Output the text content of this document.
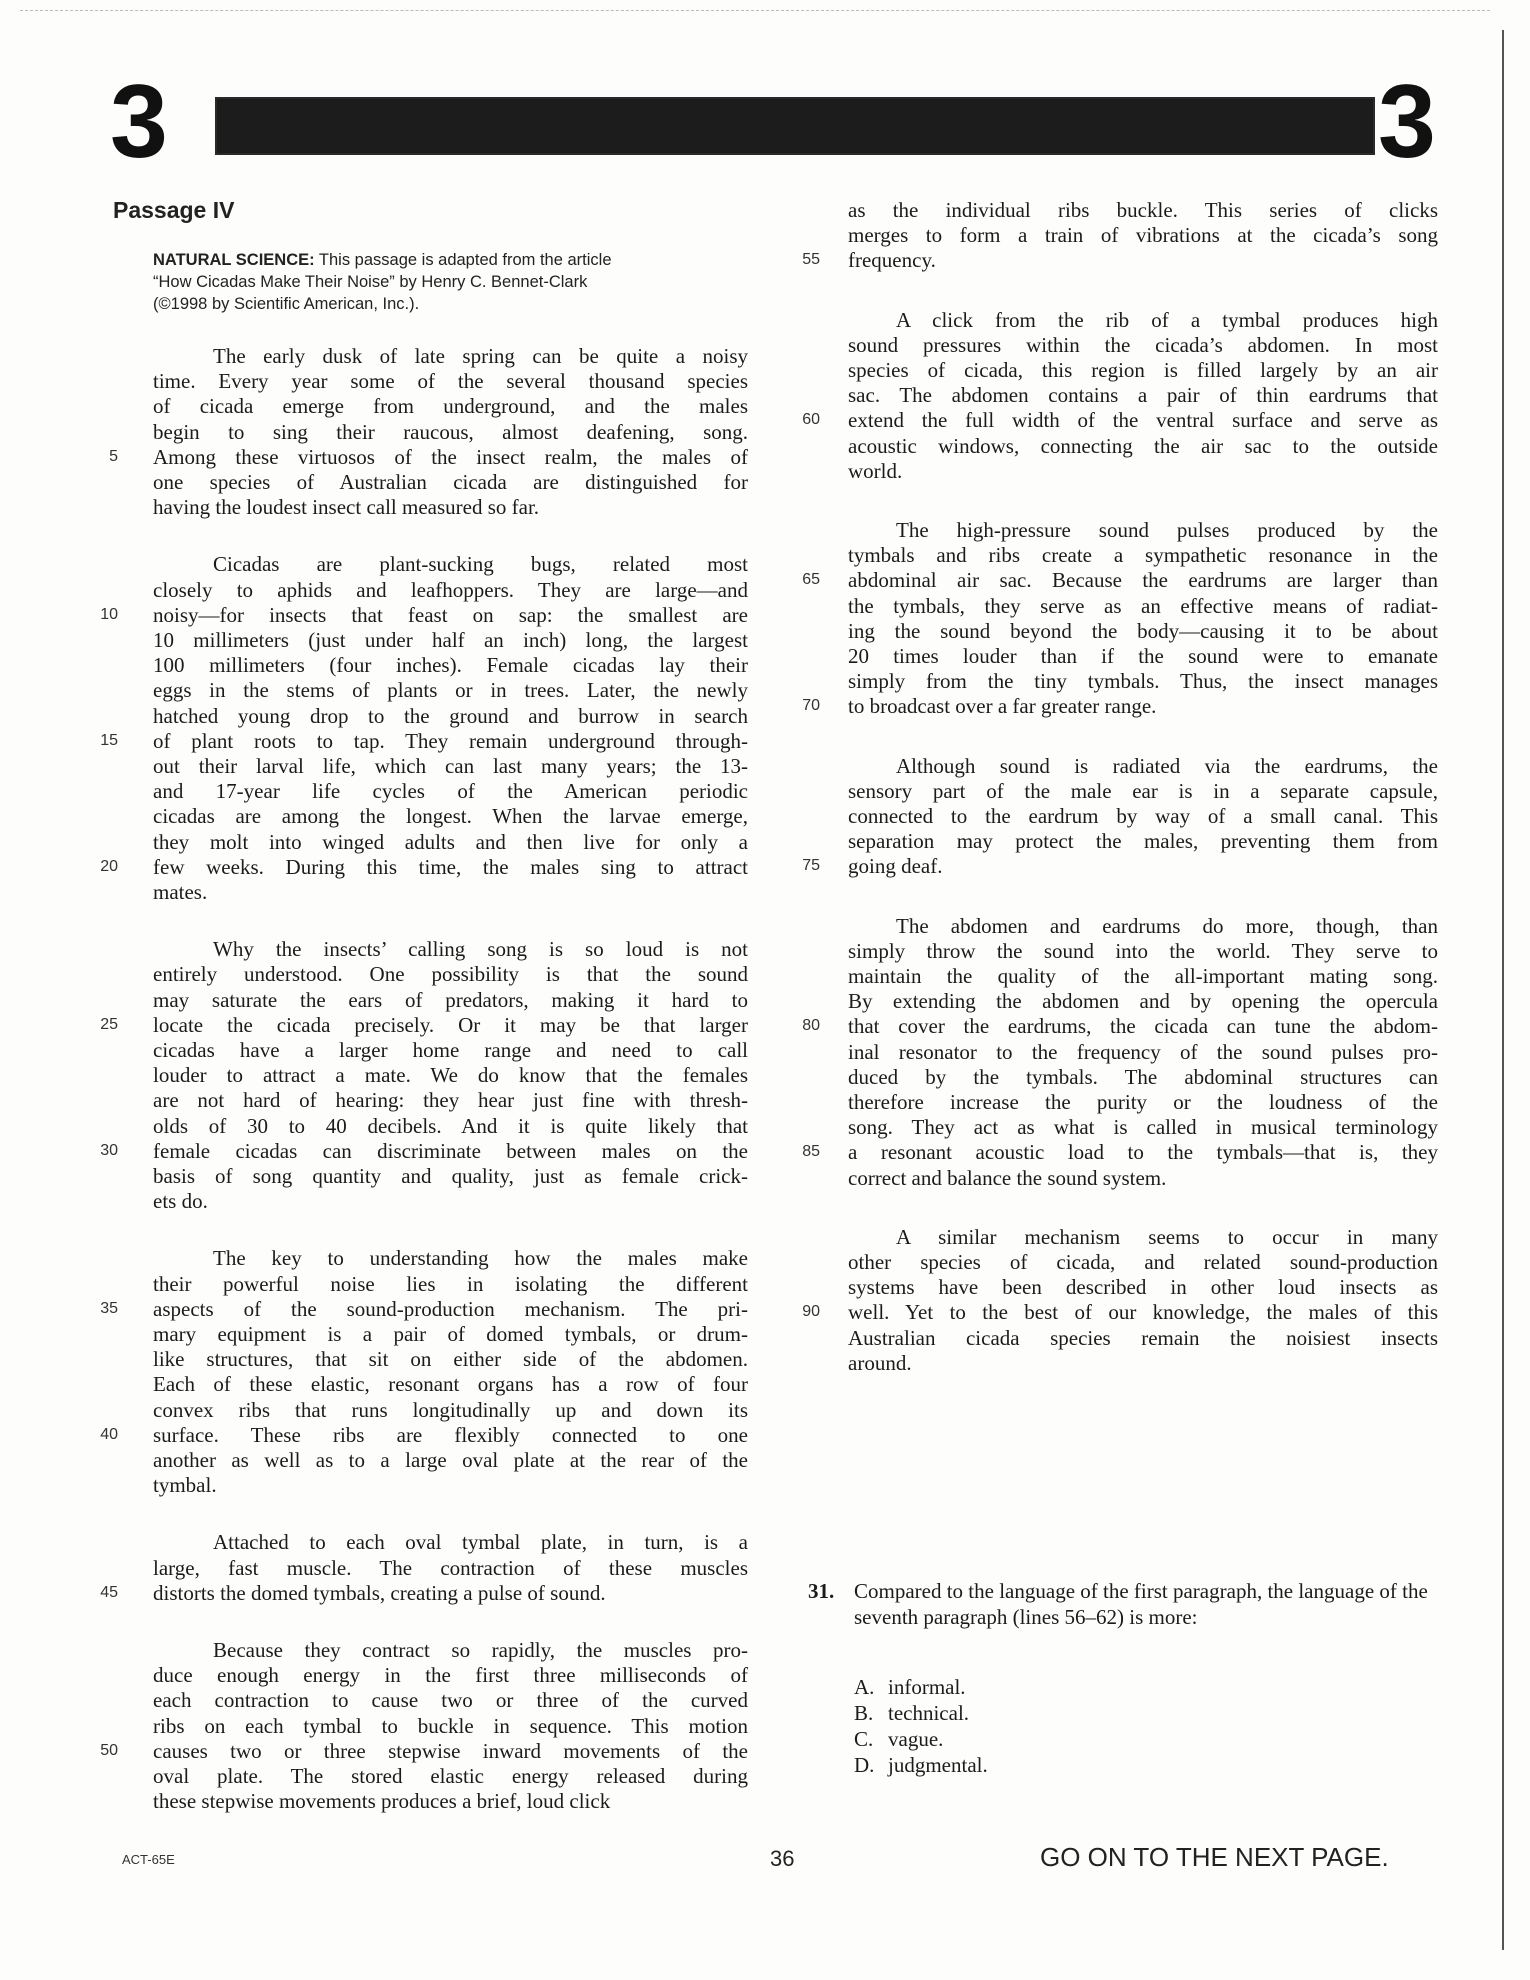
3	3
Passage IV
NATURAL SCIENCE: This passage is adapted from the article
“How Cicadas Make Their Noise” by Henry C. Bennet-Clark
(©1998 by Scientific American, Inc.).
The early dusk of late spring can be quite a noisy
time. Every year some of the several thousand species
of cicada emerge from underground, and the males
begin to sing their raucous, almost deafening, song.
Among these virtuosos of the insect realm, the males of
5
one species of Australian cicada are distinguished for
having the loudest insect call measured so far.
Cicadas are plant-sucking bugs, related most
closely to aphids and leafhoppers. They are large—and
noisy—for insects that feast on sap: the smallest are
10
10 millimeters (just under half an inch) long, the largest
100 millimeters (four inches). Female cicadas lay their
eggs in the stems of plants or in trees. Later, the newly
hatched young drop to the ground and burrow in search
of plant roots to tap. They remain underground through-
15
out their larval life, which can last many years; the 13-
and 17-year life cycles of the American periodic
cicadas are among the longest. When the larvae emerge,
they molt into winged adults and then live for only a
few weeks. During this time, the males sing to attract
20
mates.
Why the insects’ calling song is so loud is not
entirely understood. One possibility is that the sound
may saturate the ears of predators, making it hard to
locate the cicada precisely. Or it may be that larger
25
cicadas have a larger home range and need to call
louder to attract a mate. We do know that the females
are not hard of hearing: they hear just fine with thresh-
olds of 30 to 40 decibels. And it is quite likely that
female cicadas can discriminate between males on the
30
basis of song quantity and quality, just as female crick-
ets do.
The key to understanding how the males make
their powerful noise lies in isolating the different
aspects of the sound-production mechanism. The pri-
35
mary equipment is a pair of domed tymbals, or drum-
like structures, that sit on either side of the abdomen.
Each of these elastic, resonant organs has a row of four
convex ribs that runs longitudinally up and down its
surface. These ribs are flexibly connected to one
40
another as well as to a large oval plate at the rear of the
tymbal.
Attached to each oval tymbal plate, in turn, is a
large, fast muscle. The contraction of these muscles
distorts the domed tymbals, creating a pulse of sound.
45
Because they contract so rapidly, the muscles pro-
duce enough energy in the first three milliseconds of
each contraction to cause two or three of the curved
ribs on each tymbal to buckle in sequence. This motion
causes two or three stepwise inward movements of the
50
oval plate. The stored elastic energy released during
these stepwise movements produces a brief, loud click
as the individual ribs buckle. This series of clicks
merges to form a train of vibrations at the cicada’s song
frequency.
55
A click from the rib of a tymbal produces high
sound pressures within the cicada’s abdomen. In most
species of cicada, this region is filled largely by an air
sac. The abdomen contains a pair of thin eardrums that
extend the full width of the ventral surface and serve as
60
acoustic windows, connecting the air sac to the outside
world.
The high-pressure sound pulses produced by the
tymbals and ribs create a sympathetic resonance in the
abdominal air sac. Because the eardrums are larger than
65
the tymbals, they serve as an effective means of radiat-
ing the sound beyond the body—causing it to be about
20 times louder than if the sound were to emanate
simply from the tiny tymbals. Thus, the insect manages
to broadcast over a far greater range.
70
Although sound is radiated via the eardrums, the
sensory part of the male ear is in a separate capsule,
connected to the eardrum by way of a small canal. This
separation may protect the males, preventing them from
going deaf.
75
The abdomen and eardrums do more, though, than
simply throw the sound into the world. They serve to
maintain the quality of the all-important mating song.
By extending the abdomen and by opening the opercula
that cover the eardrums, the cicada can tune the abdom-
80
inal resonator to the frequency of the sound pulses pro-
duced by the tymbals. The abdominal structures can
therefore increase the purity or the loudness of the
song. They act as what is called in musical terminology
a resonant acoustic load to the tymbals—that is, they
85
correct and balance the sound system.
A similar mechanism seems to occur in many
other species of cicada, and related sound-production
systems have been described in other loud insects as
well. Yet to the best of our knowledge, the males of this
90
Australian cicada species remain the noisiest insects
around.
31. Compared to the language of the first paragraph, the language of the seventh paragraph (lines 56–62) is more:
A. informal.
B. technical.
C. vague.
D. judgmental.
ACT-65E	36	GO ON TO THE NEXT PAGE.
